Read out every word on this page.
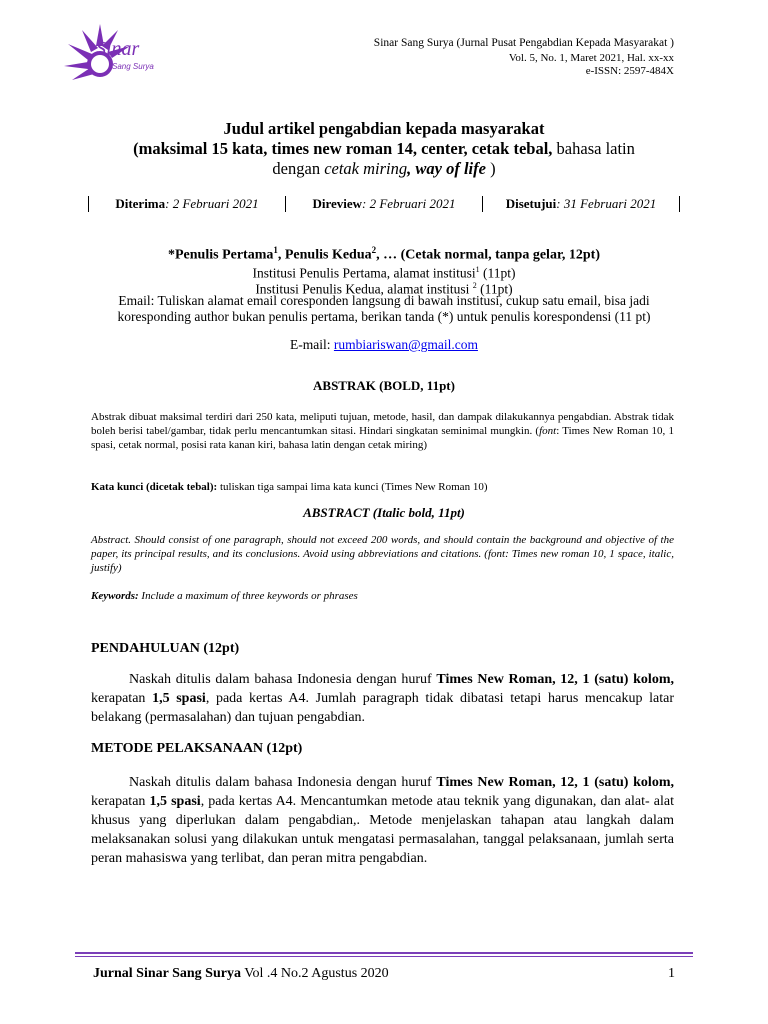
Sinar
Sang Surya
Sinar Sang Surya (Jurnal Pusat Pengabdian Kepada Masyarakat )
Vol. 5, No. 1, Maret 2021, Hal. xx-xx
e-ISSN: 2597-484X
Judul artikel pengabdian kepada masyarakat
(maksimal 15 kata, times new roman 14, center, cetak tebal, bahasa latin
dengan cetak miring, way of life )
Diterima: 2 Februari 2021	Direview: 2 Februari 2021	Disetujui: 31 Februari 2021
*Penulis Pertama$^1$, Penulis Kedua$^2$, … (Cetak normal, tanpa gelar, 12pt)
Institusi Penulis Pertama, alamat institusi$^1$ (11pt)
Institusi Penulis Kedua, alamat institusi $^2$ (11pt)
Email: Tuliskan alamat email coresponden langsung di bawah institusi, cukup satu email, bisa jadi koresponding author bukan penulis pertama, berikan tanda (*) untuk penulis korespondensi (11 pt)
E-mail: rumbiariswan@gmail.com
ABSTRAK (BOLD, 11pt)
Abstrak dibuat maksimal terdiri dari 250 kata, meliputi tujuan, metode, hasil, dan dampak dilakukannya pengabdian. Abstrak tidak boleh berisi tabel/gambar, tidak perlu mencantumkan sitasi. Hindari singkatan seminimal mungkin. (font: Times New Roman 10, 1 spasi, cetak normal, posisi rata kanan kiri, bahasa latin dengan cetak miring)
Kata kunci (dicetak tebal): tuliskan tiga sampai lima kata kunci (Times New Roman 10)
ABSTRACT (Italic bold, 11pt)
Abstract. Should consist of one paragraph, should not exceed 200 words, and should contain the background and objective of the paper, its principal results, and its conclusions. Avoid using abbreviations and citations. (font: Times new roman 10, 1 space, italic, justify)
Keywords: Include a maximum of three keywords or phrases
PENDAHULUAN (12pt)
Naskah ditulis dalam bahasa Indonesia dengan huruf Times New Roman, 12, 1 (satu) kolom, kerapatan 1,5 spasi, pada kertas A4. Jumlah paragraph tidak dibatasi tetapi harus mencakup latar belakang (permasalahan) dan tujuan pengabdian.
METODE PELAKSANAAN (12pt)
Naskah ditulis dalam bahasa Indonesia dengan huruf Times New Roman, 12, 1 (satu) kolom, kerapatan 1,5 spasi, pada kertas A4. Mencantumkan metode atau teknik yang digunakan, dan alat- alat khusus yang diperlukan dalam pengabdian,. Metode menjelaskan tahapan atau langkah dalam melaksanakan solusi yang dilakukan untuk mengatasi permasalahan, tanggal pelaksanaan, jumlah serta peran mahasiswa yang terlibat, dan peran mitra pengabdian.
Jurnal Sinar Sang Surya Vol .4 No.2 Agustus 2020	1
